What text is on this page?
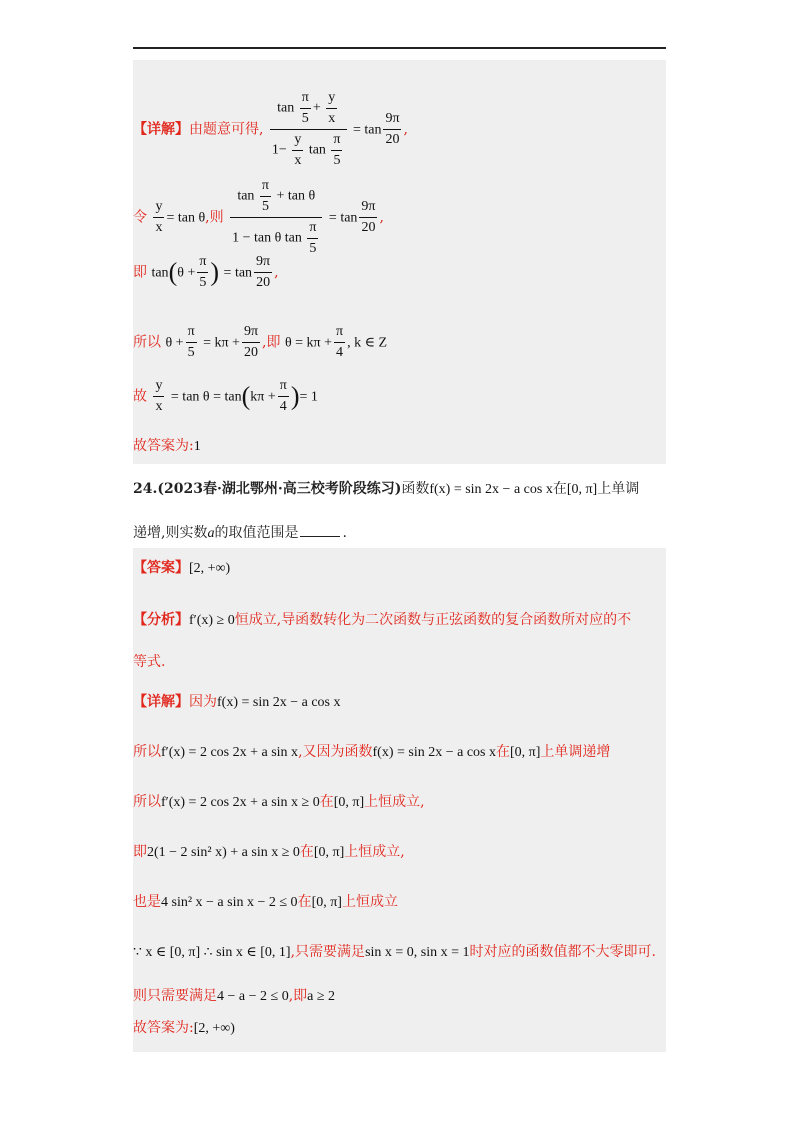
【详解】由题意可得, $\frac{\tan \frac{\pi}{5} + \frac{y}{x}}{1- \frac{y}{x} \tan \frac{\pi}{5}} = \tan \frac{9\pi}{20}$ ,
令 $\frac{y}{x} = \tan \theta$,则 $\frac{\tan \frac{\pi}{5} + \tan \theta}{1 - \tan \theta \tan \frac{\pi}{5}} = \tan \frac{9\pi}{20}$ ,
即 $\tan(\theta + \frac{\pi}{5}$ ) = $\tan \frac{9\pi}{20}$ ,
所以 $\theta + \frac{\pi}{5} = k\pi + \frac{9\pi}{20}$ ,即 $\theta = k\pi + \frac{\pi}{4}$ , k ∈ Z
故 $\frac{y}{x} = \tan \theta = \tan(k\pi + \frac{\pi}{4}$ )= 1
故答案为:1
24.(2023春·湖北鄂州·高三校考阶段练习)函数f(x) = sin 2x − a cos x在[0, π]上单调
递增,则实数a的取值范围是	.
【答案】[2, +∞)
【分析】f′(x) ≥ 0恒成立,导函数转化为二次函数与正弦函数的复合函数所对应的不
等式.
【详解】因为f(x) = sin 2x − a cos x
所以f′(x) = 2 cos 2x + a sin x,又因为函数f(x) = sin 2x − a cos x在[0, π]上单调递增
所以f′(x) = 2 cos 2x + a sin x ≥ 0在[0, π]上恒成立,
即2(1 − 2 sin² x) + a sin x ≥ 0在[0, π]上恒成立,
也是4 sin² x − a sin x − 2 ≤ 0在[0, π]上恒成立
∵ x ∈ [0, π] ∴ sin x ∈ [0, 1],只需要满足sin x = 0, sin x = 1时对应的函数值都不大零即可.
则只需要满足4 − a − 2 ≤ 0,即a ≥ 2
故答案为:[2, +∞)
